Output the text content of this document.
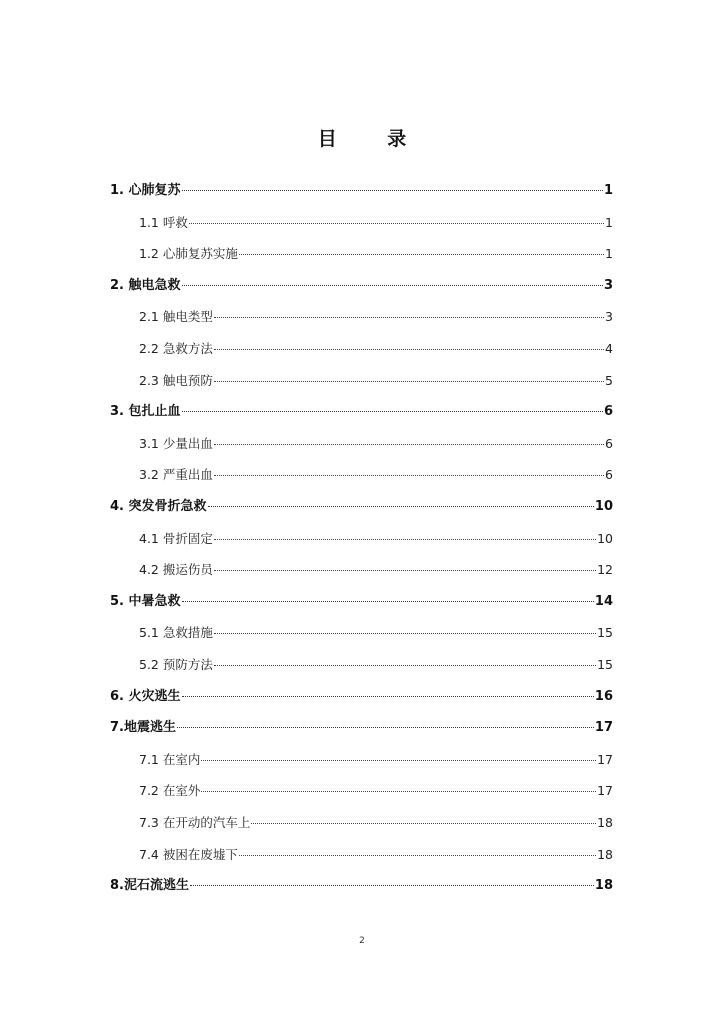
目 录
1. 心肺复苏	1
1.1 呼救	1
1.2 心肺复苏实施	1
2. 触电急救	3
2.1 触电类型	3
2.2 急救方法	4
2.3 触电预防	5
3. 包扎止血	6
3.1 少量出血	6
3.2 严重出血	6
4. 突发骨折急救	10
4.1 骨折固定	10
4.2 搬运伤员	12
5. 中暑急救	14
5.1 急救措施	15
5.2 预防方法	15
6. 火灾逃生	16
7.地震逃生	17
7.1 在室内	17
7.2 在室外	17
7.3 在开动的汽车上	18
7.4 被困在废墟下	18
8.泥石流逃生	18
2
